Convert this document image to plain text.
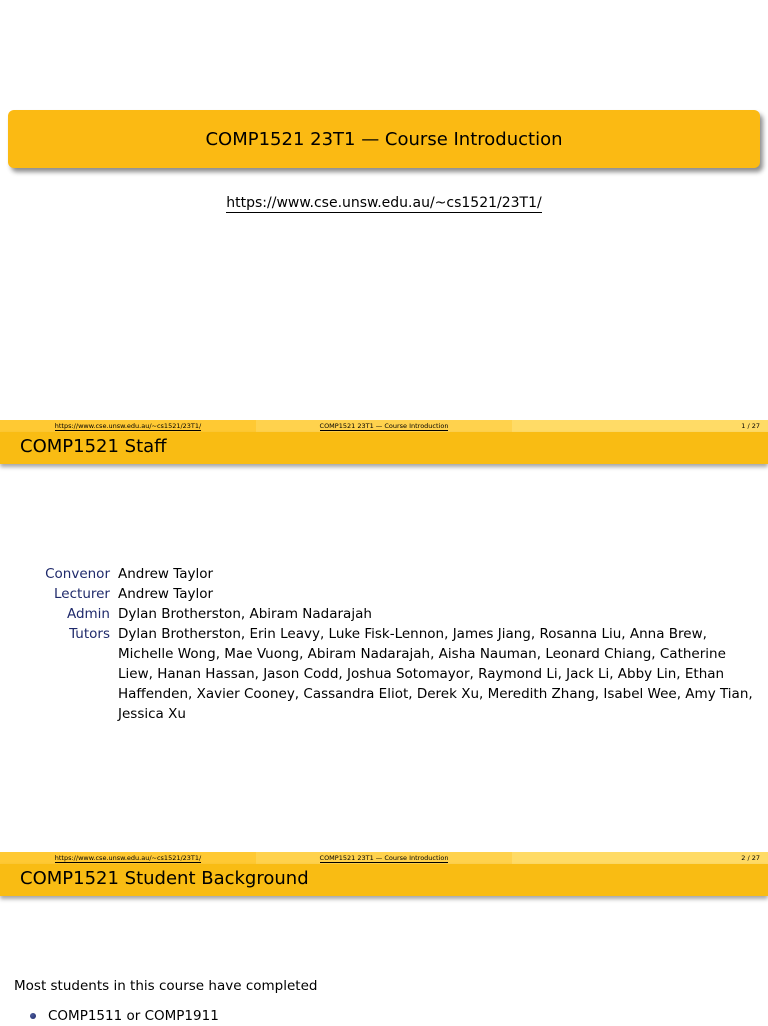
COMP1521 23T1 — Course Introduction
https://www.cse.unsw.edu.au/~cs1521/23T1/
https://www.cse.unsw.edu.au/~cs1521/23T1/	COMP1521 23T1 — Course Introduction	1 / 27
COMP1521 Staff
Convenor Andrew Taylor
Lecturer Andrew Taylor
Admin Dylan Brotherston, Abiram Nadarajah
Tutors Dylan Brotherston, Erin Leavy, Luke Fisk-Lennon, James Jiang, Rosanna Liu, Anna Brew, Michelle Wong, Mae Vuong, Abiram Nadarajah, Aisha Nauman, Leonard Chiang, Catherine Liew, Hanan Hassan, Jason Codd, Joshua Sotomayor, Raymond Li, Jack Li, Abby Lin, Ethan Haffenden, Xavier Cooney, Cassandra Eliot, Derek Xu, Meredith Zhang, Isabel Wee, Amy Tian, Jessica Xu
https://www.cse.unsw.edu.au/~cs1521/23T1/	COMP1521 23T1 — Course Introduction	2 / 27
COMP1521 Student Background
Most students in this course have completed
COMP1511 or COMP1911
